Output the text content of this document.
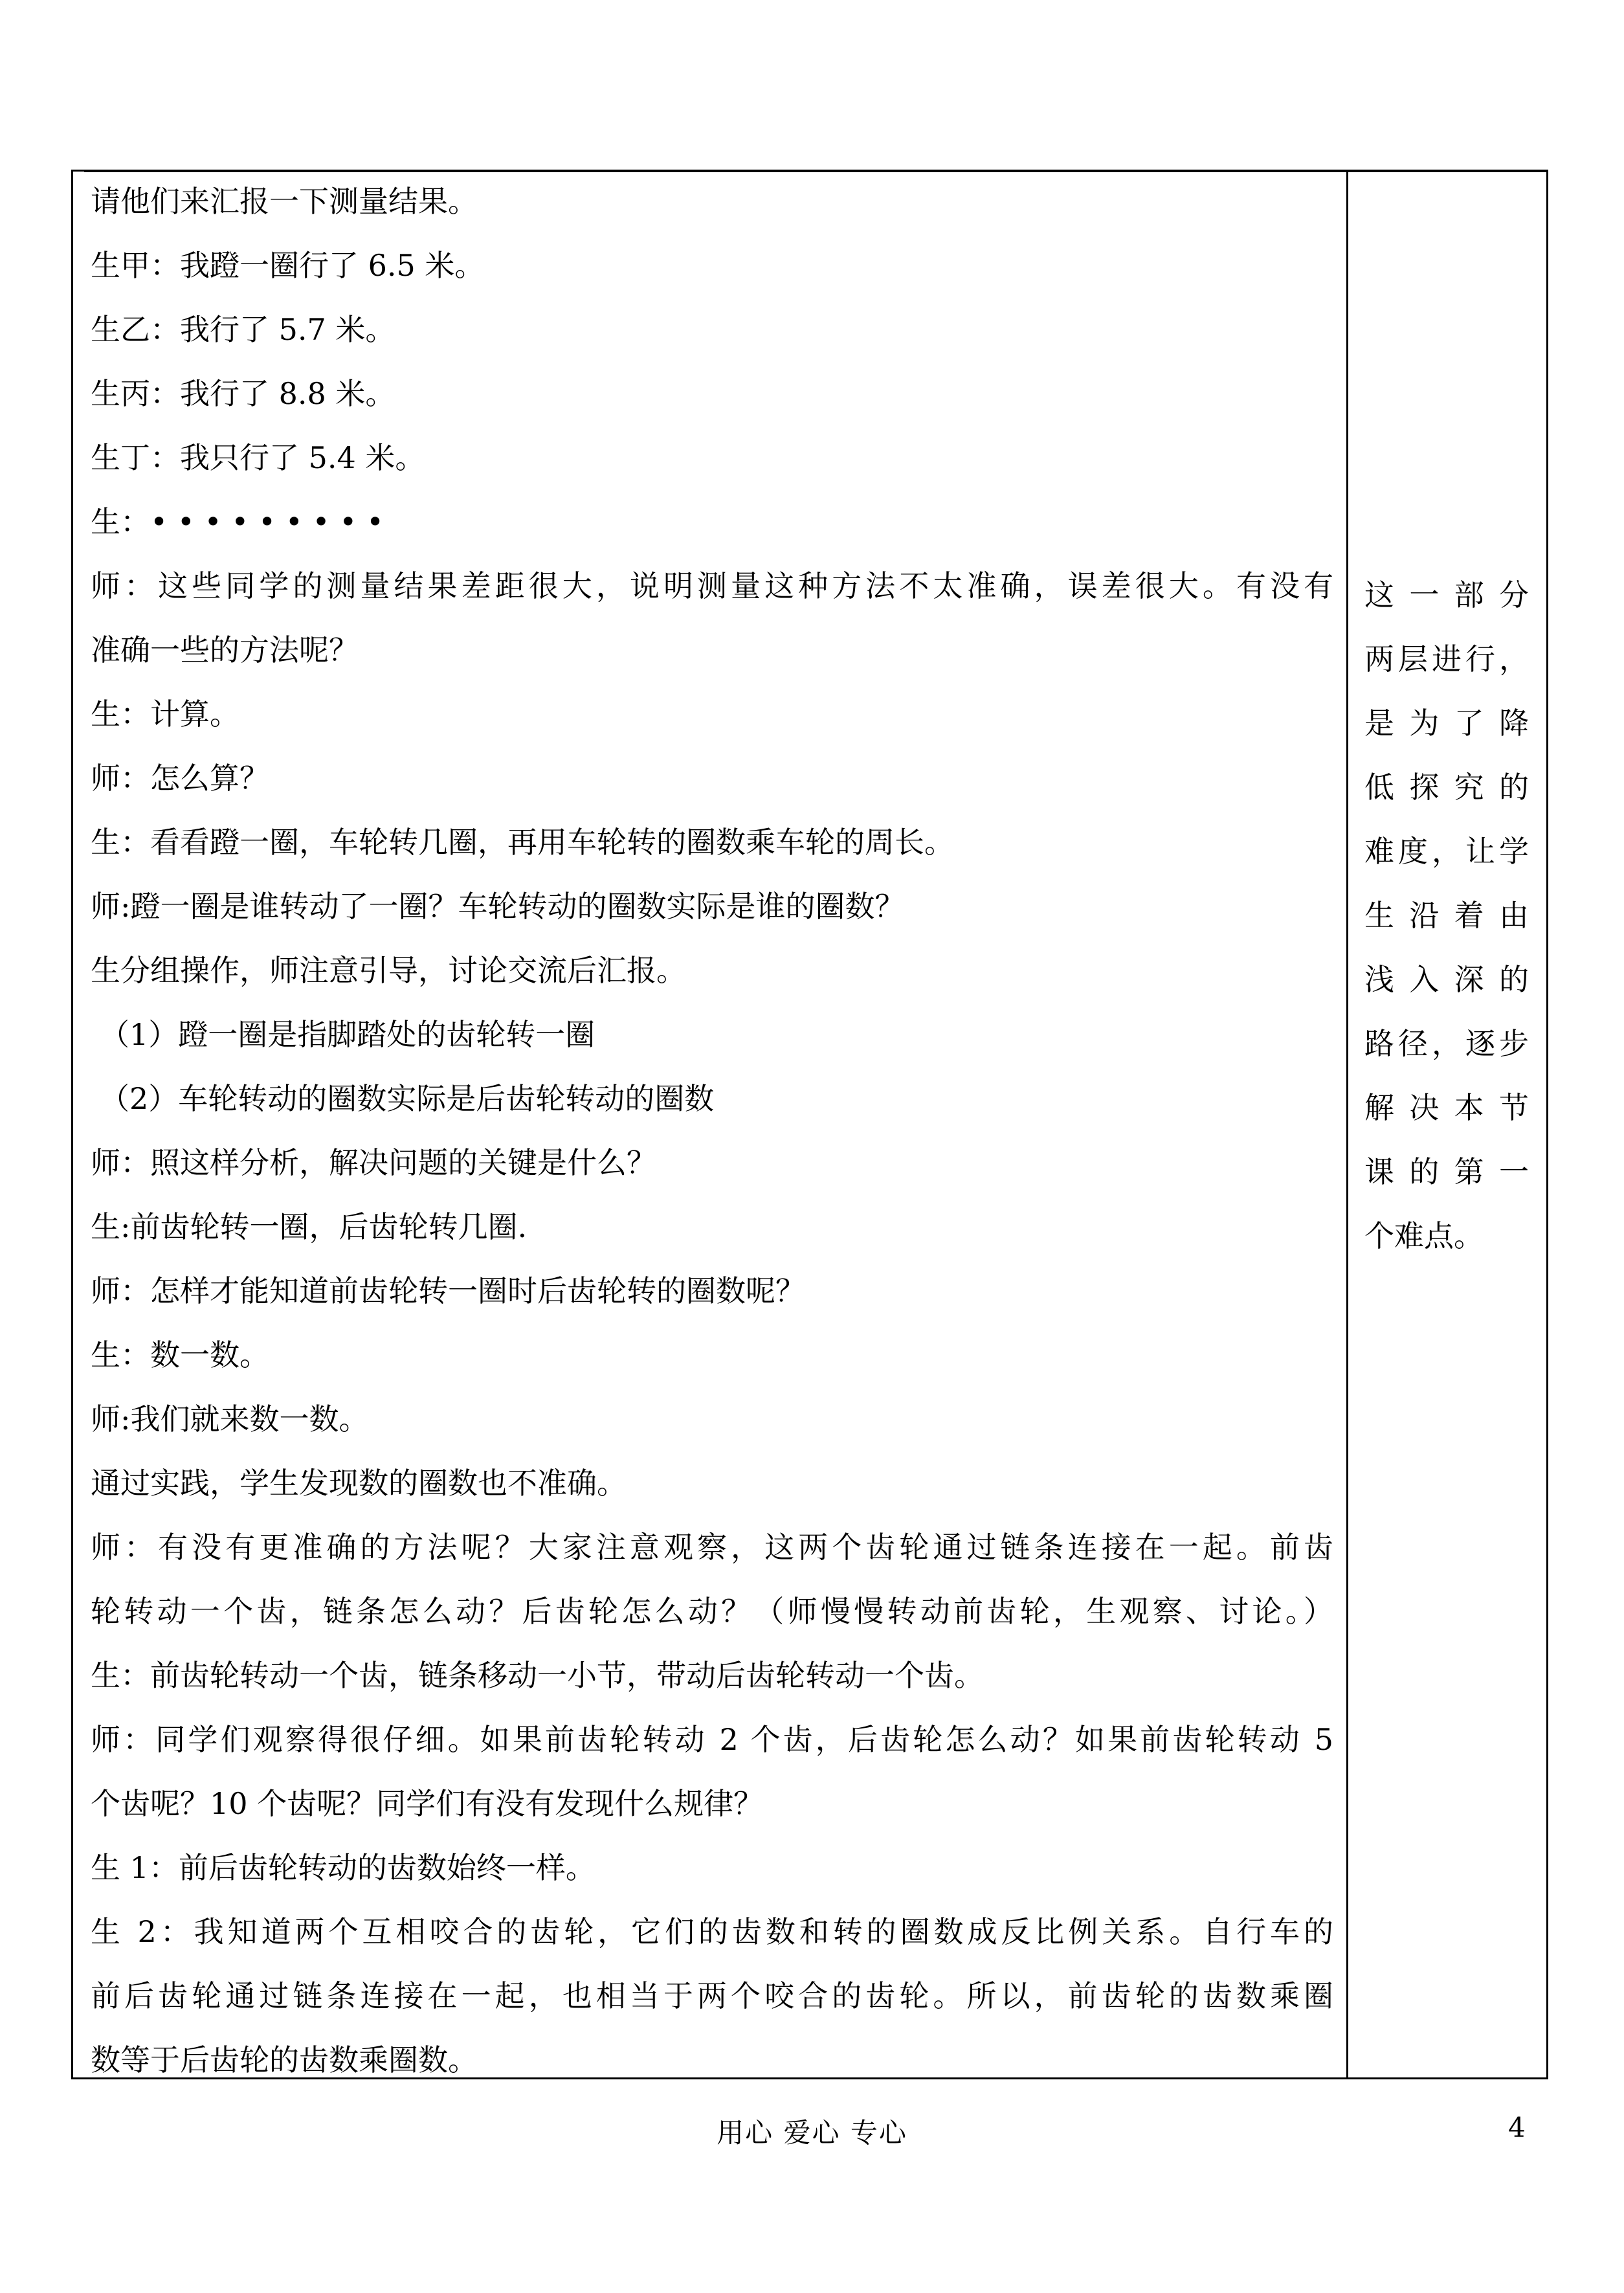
请他们来汇报一下测量结果。
生甲：我蹬一圈行了 6.5 米。
生乙：我行了 5.7 米。
生丙：我行了 8.8 米。
生丁：我只行了 5.4 米。
生：• • • • • • • • •
师：这些同学的测量结果差距很大，说明测量这种方法不太准确，误差很大。有没有
准确一些的方法呢？
生：计算。
师：怎么算？
生：看看蹬一圈，车轮转几圈，再用车轮转的圈数乘车轮的周长。
师:蹬一圈是谁转动了一圈？车轮转动的圈数实际是谁的圈数？
生分组操作，师注意引导，讨论交流后汇报。
（1）蹬一圈是指脚踏处的齿轮转一圈
（2）车轮转动的圈数实际是后齿轮转动的圈数
师：照这样分析，解决问题的关键是什么？
生:前齿轮转一圈，后齿轮转几圈.
师：怎样才能知道前齿轮转一圈时后齿轮转的圈数呢？
生：数一数。
师:我们就来数一数。
通过实践，学生发现数的圈数也不准确。
师：有没有更准确的方法呢？大家注意观察，这两个齿轮通过链条连接在一起。前齿
轮转动一个齿，链条怎么动？后齿轮怎么动？（师慢慢转动前齿轮，生观察、讨论。）
生：前齿轮转动一个齿，链条移动一小节，带动后齿轮转动一个齿。
师：同学们观察得很仔细。如果前齿轮转动 2 个齿，后齿轮怎么动？如果前齿轮转动 5
个齿呢？10 个齿呢？同学们有没有发现什么规律？
生 1：前后齿轮转动的齿数始终一样。
生 2：我知道两个互相咬合的齿轮，它们的齿数和转的圈数成反比例关系。自行车的
前后齿轮通过链条连接在一起，也相当于两个咬合的齿轮。所以，前齿轮的齿数乘圈
数等于后齿轮的齿数乘圈数。
这一部分
两层进行，
是为了降
低探究的
难度，让学
生沿着由
浅入深的
路径，逐步
解决本节
课的第一
个难点。
用心 爱心 专心	4
